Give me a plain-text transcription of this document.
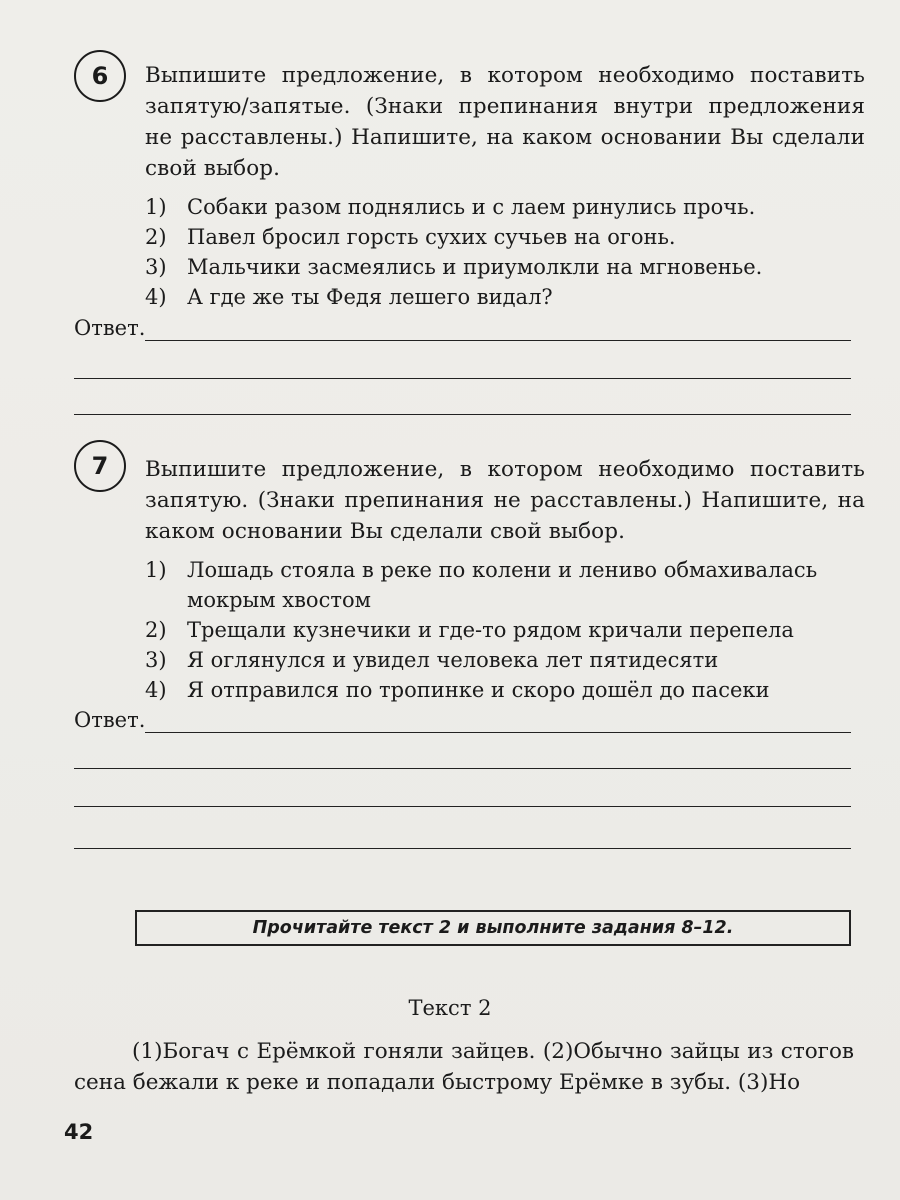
6	Выпишите предложение, в котором необходимо поставить запятую/запятые. (Знаки препинания внутри предложения не расставлены.) Напишите, на каком основании Вы сделали свой выбор.
1) Собаки разом поднялись и с лаем ринулись прочь.
2) Павел бросил горсть сухих сучьев на огонь.
3) Мальчики засмеялись и приумолкли на мгновенье.
4) А где же ты Федя лешего видал?
Ответ.
7	Выпишите предложение, в котором необходимо поставить запятую. (Знаки препинания не расставлены.) Напишите, на каком основании Вы сделали свой выбор.
1) Лошадь стояла в реке по колени и лениво обмахивалась мокрым хвостом
2) Трещали кузнечики и где-то рядом кричали перепела
3) Я оглянулся и увидел человека лет пятидесяти
4) Я отправился по тропинке и скоро дошёл до пасеки
Ответ.
Прочитайте текст 2 и выполните задания 8–12.
Текст 2
(1)Богач с Ерёмкой гоняли зайцев. (2)Обычно зайцы из стогов сена бежали к реке и попадали быстрому Ерёмке в зубы. (3)Но
42
